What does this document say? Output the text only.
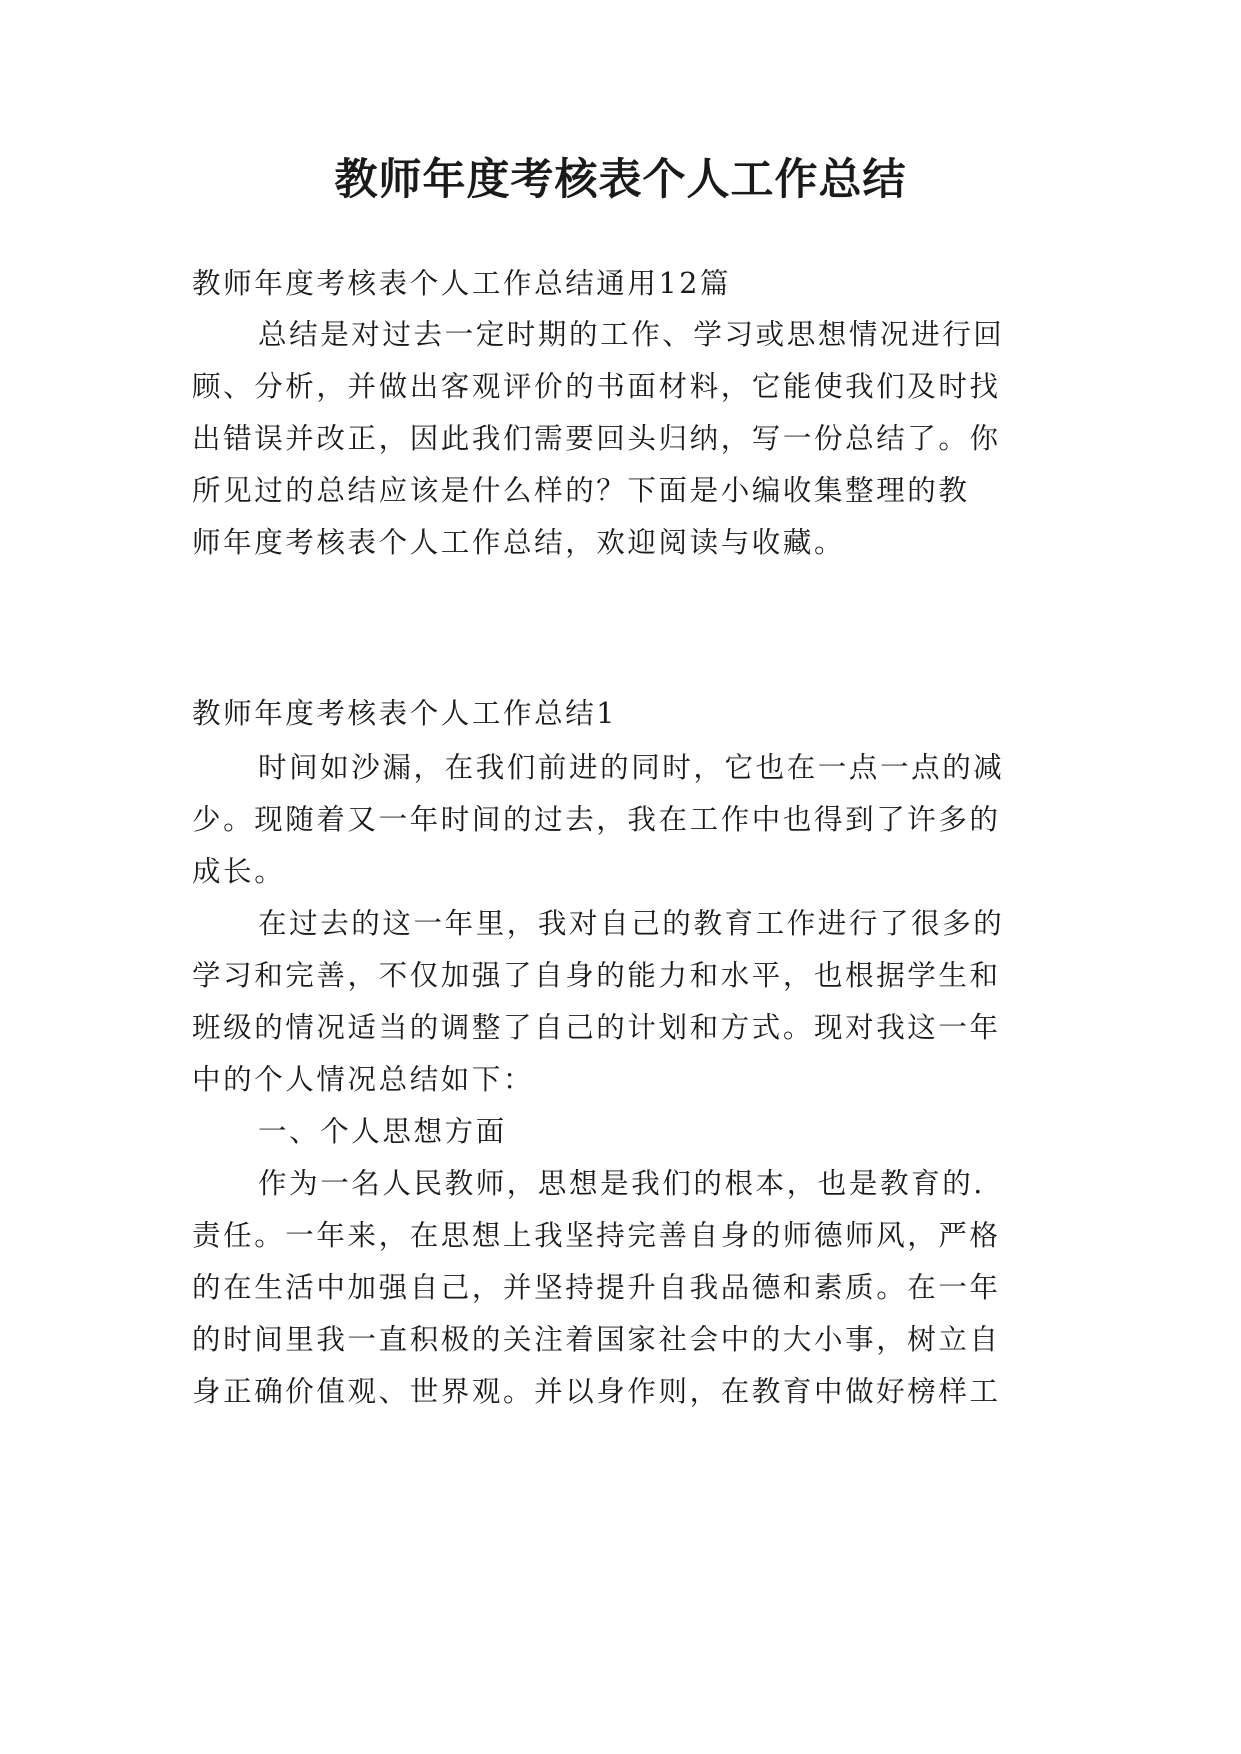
教师年度考核表个人工作总结
教师年度考核表个人工作总结通用12篇
总结是对过去一定时期的工作、学习或思想情况进行回
顾、分析，并做出客观评价的书面材料，它能使我们及时找
出错误并改正，因此我们需要回头归纳，写一份总结了。你
所见过的总结应该是什么样的？下面是小编收集整理的教
师年度考核表个人工作总结，欢迎阅读与收藏。
教师年度考核表个人工作总结1
时间如沙漏，在我们前进的同时，它也在一点一点的减
少。现随着又一年时间的过去，我在工作中也得到了许多的
成长。
在过去的这一年里，我对自己的教育工作进行了很多的
学习和完善，不仅加强了自身的能力和水平，也根据学生和
班级的情况适当的调整了自己的计划和方式。现对我这一年
中的个人情况总结如下：
一、个人思想方面
作为一名人民教师，思想是我们的根本，也是教育的.
责任。一年来，在思想上我坚持完善自身的师德师风，严格
的在生活中加强自己，并坚持提升自我品德和素质。在一年
的时间里我一直积极的关注着国家社会中的大小事，树立自
身正确价值观、世界观。并以身作则，在教育中做好榜样工
